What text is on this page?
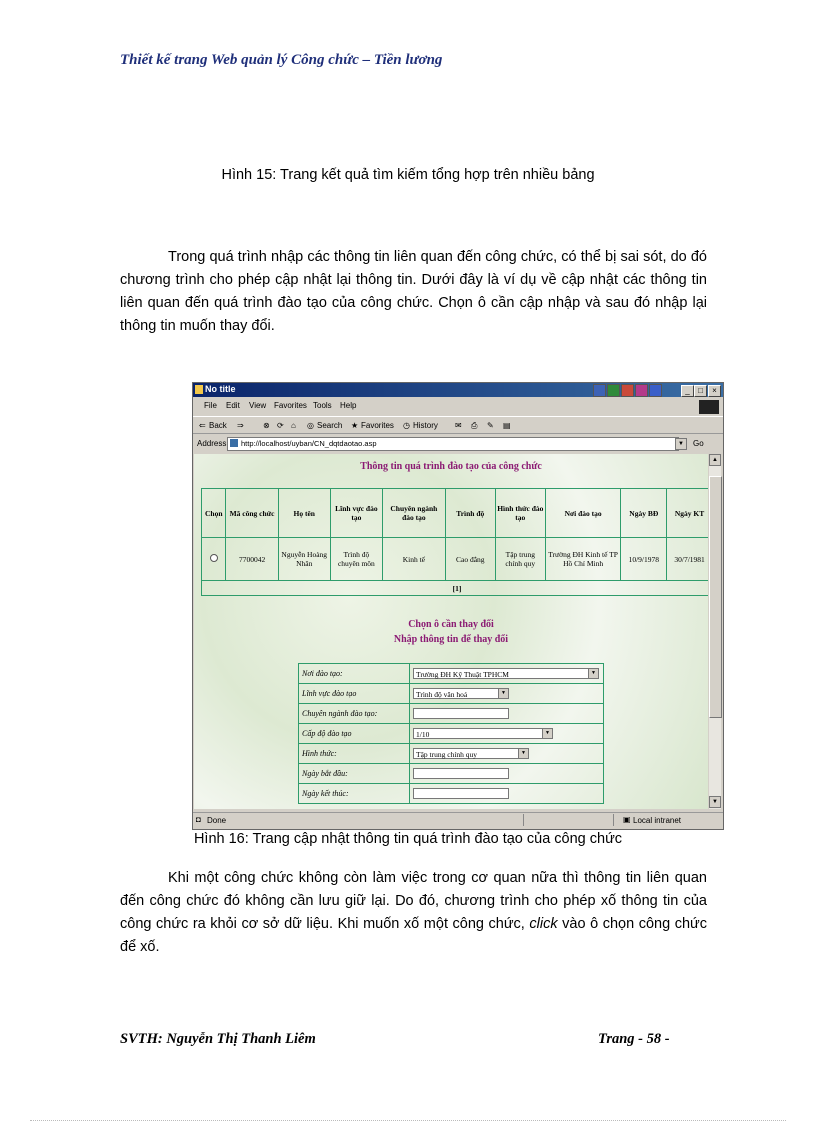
Thiết kế trang Web quản lý Công chức – Tiền lương
Hình 15: Trang kết quả tìm kiếm tổng hợp trên nhiều bảng

Trong quá trình nhập các thông tin liên quan đến công chức, có thể bị sai sót, do đó chương trình cho phép cập nhật lại thông tin. Dưới đây là ví dụ về cập nhật các thông tin liên quan đến quá trình đào tạo của công chức. Chọn ô cần cập nhập và sau đó nhập lại thông tin muốn thay đổi.

No title	_	□	×
File Edit View Favorites Tools Help
⇐ Back ⇒ ⊗ ⟳ ⌂ ◎ Search ★ Favorites ◷ History ✉ ⎙ ✎ ▤
Address	http://localhost/uyban/CN_dqtdaotao.asp	▼	Go
Thông tin quá trình đào tạo của công chức
Chọn	Mã công chức	Họ tên	Lĩnh vực đào tạo	Chuyên ngành đào tạo	Trình độ	Hình thức đào tạo	Nơi đào tạo	Ngày BĐ	Ngày KT
	7700042	Nguyễn Hoàng Nhân	Trình độ chuyên môn	Kinh tế	Cao đẳng	Tập trung chính quy	Trường ĐH Kinh tế TP Hồ Chí Minh	10/9/1978	30/7/1981
[1]									
Chọn ô cần thay đổi
Nhập thông tin để thay đổi
Nơi đào tạo:	Trường ĐH Kỹ Thuật TPHCM ▼

Lĩnh vực đào tạo	Trình độ văn hoá ▼

Chuyên ngành đào tạo:	
Cấp độ đào tạo	1/10 ▼

Hình thức:	Tập trung chính quy ▼

Ngày bắt đầu:	
Ngày kết thúc:	
▲
▼
◘ Done	▣ Local intranet
Hình 16: Trang cập nhật thông tin quá trình đào tạo của công chức

Khi một công chức không còn làm việc trong cơ quan nữa thì thông tin liên quan đến công chức đó không cần lưu giữ lại. Do đó, chương trình cho phép xố thông tin của công chức ra khỏi cơ sở dữ liệu. Khi muốn xố một công chức, click vào ô chọn công chức để xố.

SVTH: Nguyễn Thị Thanh Liêm	Trang - 58 -
